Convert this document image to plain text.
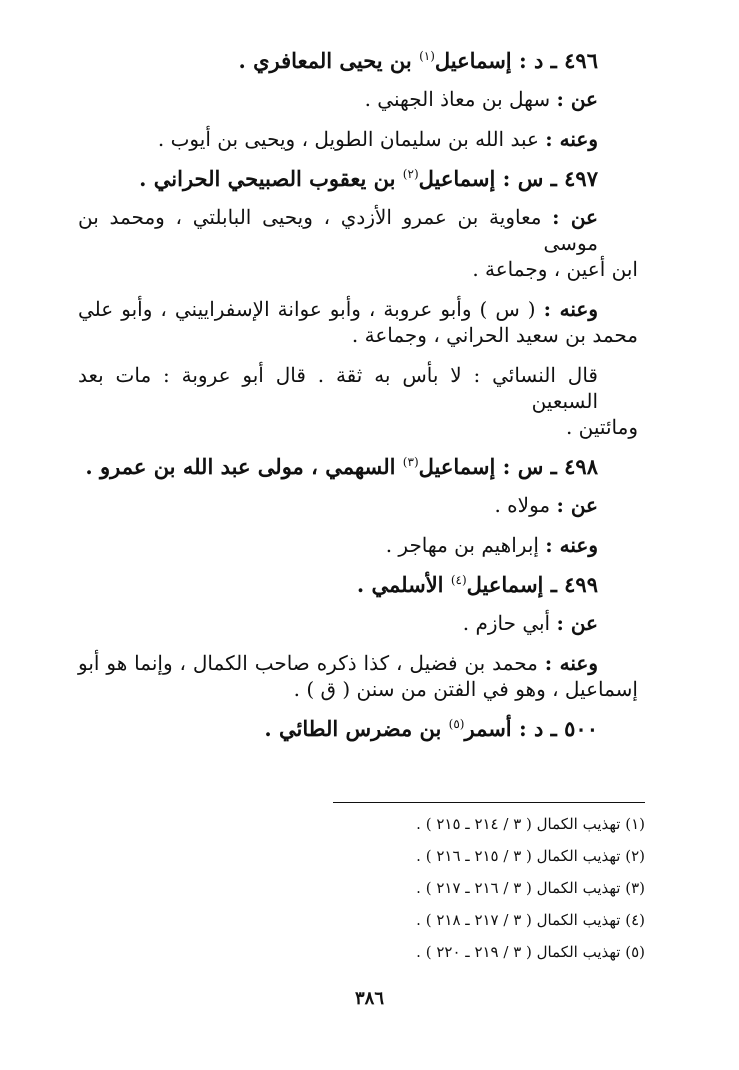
٤٩٦ ـ د : إسماعيل$^{(١)}$ بن يحيى المعافري .
عن : سهل بن معاذ الجهني .
وعنه : عبد الله بن سليمان الطويل ، ويحيى بن أيوب .
٤٩٧ ـ س : إسماعيل$^{(٢)}$ بن يعقوب الصبيحي الحراني .
عن : معاوية بن عمرو الأزدي ، ويحيى البابلتي ، ومحمد بن موسى
ابن أعين ، وجماعة .
وعنه : ( س ) وأبو عروبة ، وأبو عوانة الإسفراييني ، وأبو علي
محمد بن سعيد الحراني ، وجماعة .
قال النسائي : لا بأس به ثقة . قال أبو عروبة : مات بعد السبعين
ومائتين .
٤٩٨ ـ س : إسماعيل$^{(٣)}$ السهمي ، مولى عبد الله بن عمرو .
عن : مولاه .
وعنه : إبراهيم بن مهاجر .
٤٩٩ ـ إسماعيل$^{(٤)}$ الأسلمي .
عن : أبي حازم .
وعنه : محمد بن فضيل ، كذا ذكره صاحب الكمال ، وإنما هو أبو
إسماعيل ، وهو في الفتن من سنن ( ق ) .
٥٠٠ ـ د : أسمر$^{(٥)}$ بن مضرس الطائي .
(١) تهذيب الكمال ( ٣ / ٢١٤ ـ ٢١٥ ) .
(٢) تهذيب الكمال ( ٣ / ٢١٥ ـ ٢١٦ ) .
(٣) تهذيب الكمال ( ٣ / ٢١٦ ـ ٢١٧ ) .
(٤) تهذيب الكمال ( ٣ / ٢١٧ ـ ٢١٨ ) .
(٥) تهذيب الكمال ( ٣ / ٢١٩ ـ ٢٢٠ ) .
٣٨٦
